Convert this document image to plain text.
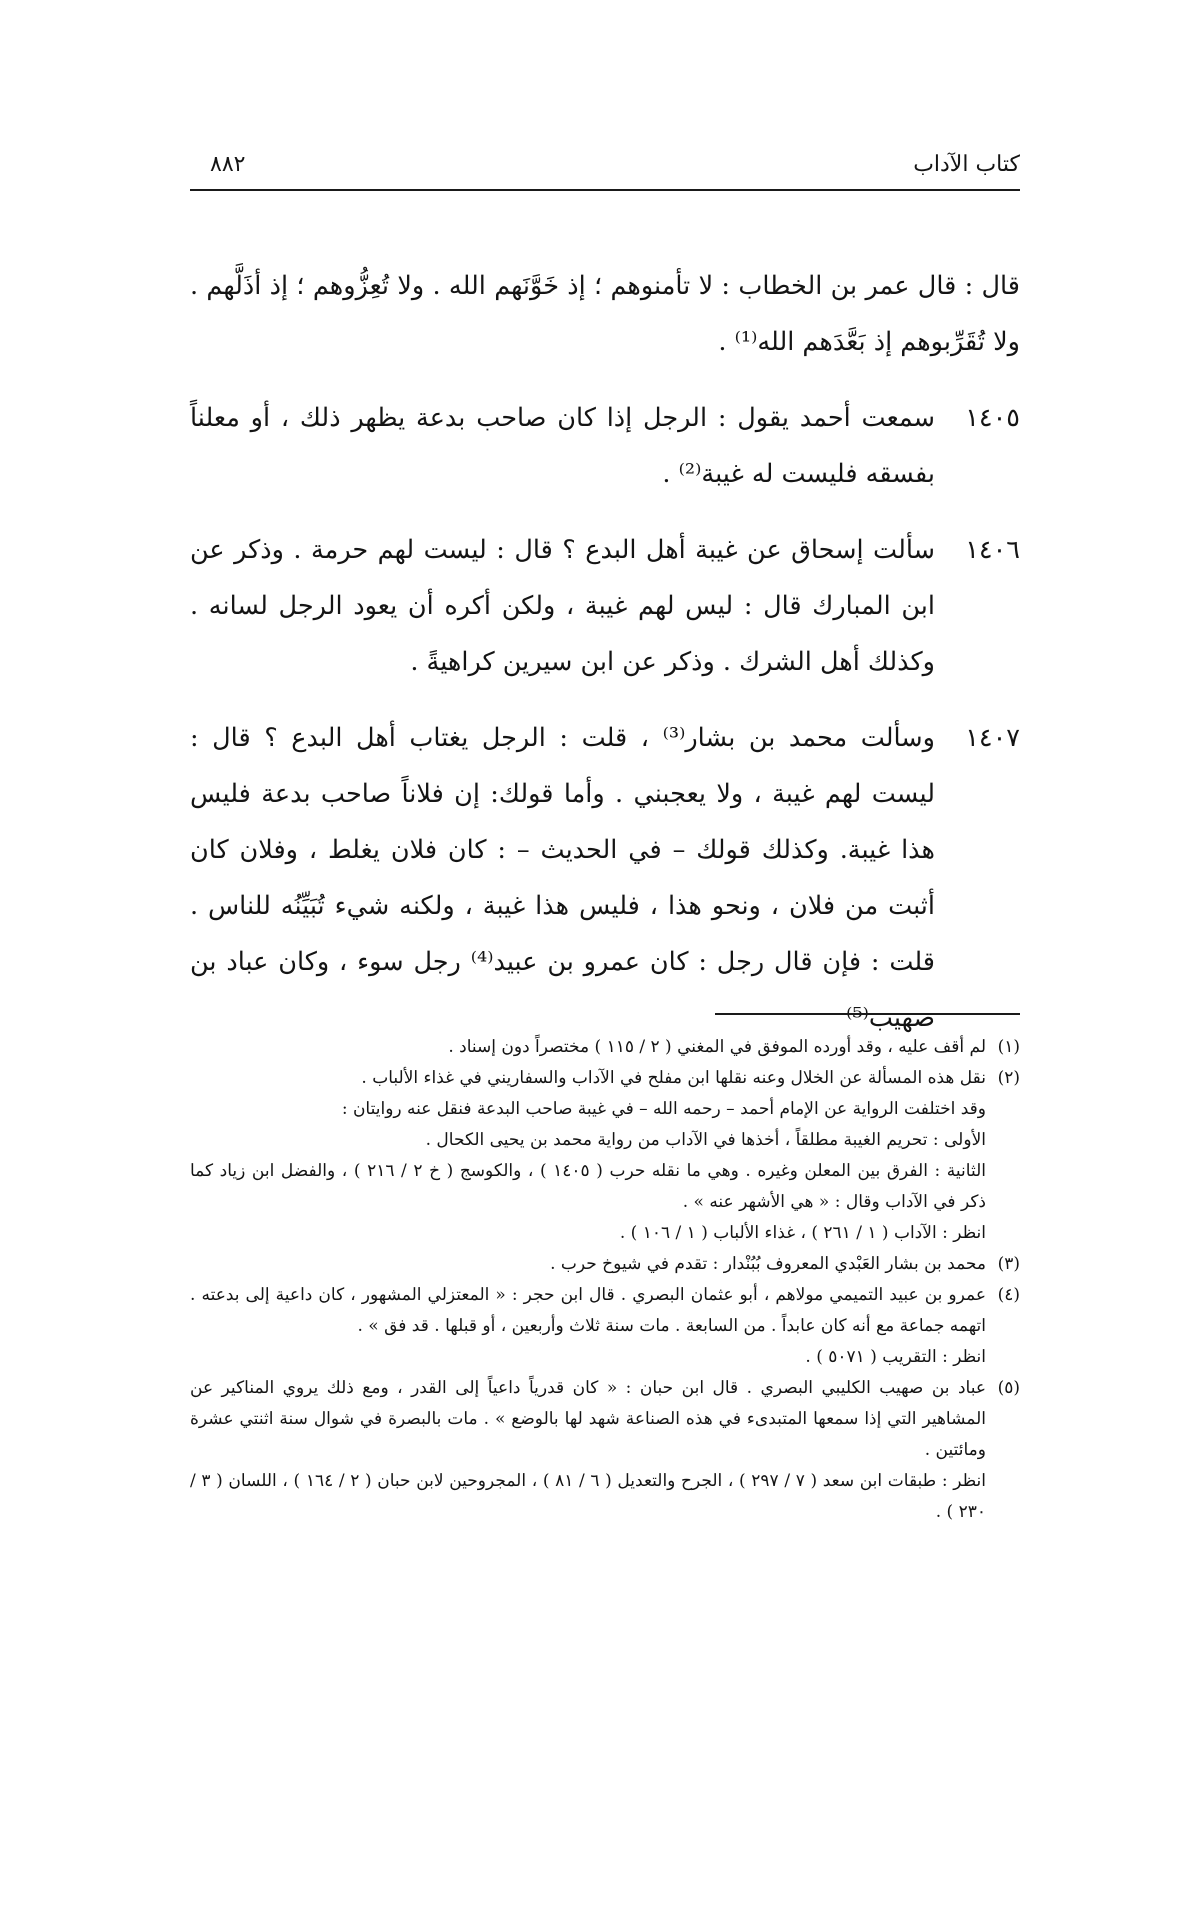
كتاب الآداب
٨٨٢

قال : قال عمر بن الخطاب : لا تأمنوهم ؛ إذ خَوَّنَهم الله . ولا تُعِزُّوهم ؛ إذ أذَلَّهم . ولا تُقَرِّبوهم إذ بَعَّدَهم الله⁽¹⁾ .

١٤٠٥
سمعت أحمد يقول : الرجل إذا كان صاحب بدعة يظهر ذلك ، أو معلناً بفسقه فليست له غيبة⁽²⁾ .

١٤٠٦
سألت إسحاق عن غيبة أهل البدع ؟ قال : ليست لهم حرمة . وذكر عن ابن المبارك قال : ليس لهم غيبة ، ولكن أكره أن يعود الرجل لسانه . وكذلك أهل الشرك . وذكر عن ابن سيرين كراهيةً .

١٤٠٧
وسألت محمد بن بشار⁽³⁾ ، قلت : الرجل يغتاب أهل البدع ؟ قال : ليست لهم غيبة ، ولا يعجبني . وأما قولك: إن فلاناً صاحب بدعة فليس هذا غيبة. وكذلك قولك – في الحديث – : كان فلان يغلط ، وفلان كان أثبت من فلان ، ونحو هذا ، فليس هذا غيبة ، ولكنه شيء تُبَيِّنُه للناس . قلت : فإن قال رجل : كان عمرو بن عبيد⁽⁴⁾ رجل سوء ، وكان عباد بن صهيب⁽⁵⁾

(١)
لم أقف عليه ، وقد أورده الموفق في المغني ( ٢ / ١١٥ ) مختصراً دون إسناد .
(٢)
نقل هذه المسألة عن الخلال وعنه نقلها ابن مفلح في الآداب والسفاريني في غذاء الألباب .
وقد اختلفت الرواية عن الإمام أحمد – رحمه الله – في غيبة صاحب البدعة فنقل عنه روايتان :
الأولى : تحريم الغيبة مطلقاً ، أخذها في الآداب من رواية محمد بن يحيى الكحال .
الثانية : الفرق بين المعلن وغيره . وهي ما نقله حرب ( ١٤٠٥ ) ، والكوسج ( خ ٢ / ٢١٦ ) ، والفضل ابن زياد كما ذكر في الآداب وقال : « هي الأشهر عنه » .
انظر : الآداب ( ١ / ٢٦١ ) ، غذاء الألباب ( ١ / ١٠٦ ) .
(٣)
محمد بن بشار العَبْدي المعروف بُبُنْدار : تقدم في شيوخ حرب .
(٤)
عمرو بن عبيد التميمي مولاهم ، أبو عثمان البصري . قال ابن حجر : « المعتزلي المشهور ، كان داعية إلى بدعته . اتهمه جماعة مع أنه كان عابداً . من السابعة . مات سنة ثلاث وأربعين ، أو قبلها . قد فق » .
انظر : التقريب ( ٥٠٧١ ) .
(٥)
عباد بن صهيب الكليبي البصري . قال ابن حبان : « كان قدرياً داعياً إلى القدر ، ومع ذلك يروي المناكير عن المشاهير التي إذا سمعها المتبدىء في هذه الصناعة شهد لها بالوضع » . مات بالبصرة في شوال سنة اثنتي عشرة ومائتين .
انظر : طبقات ابن سعد ( ٧ / ٢٩٧ ) ، الجرح والتعديل ( ٦ / ٨١ ) ، المجروحين لابن حبان ( ٢ / ١٦٤ ) ، اللسان ( ٣ / ٢٣٠ ) .
